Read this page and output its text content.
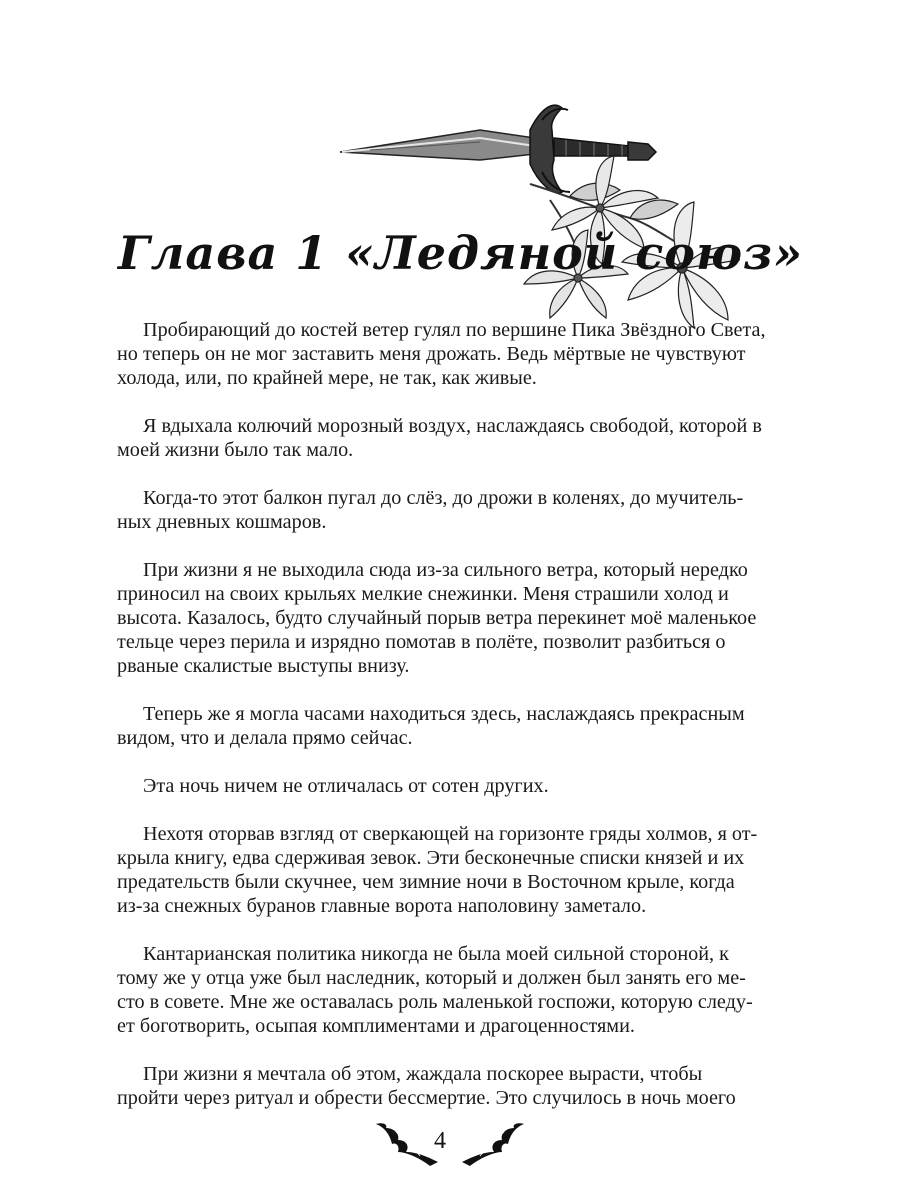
Глава 1 «Ледяной союз»

Пробирающий до костей ветер гулял по вершине Пика Звёздного Света,
но теперь он не мог заставить меня дрожать. Ведь мёртвые не чувствуют
холода, или, по крайней мере, не так, как живые.

Я вдыхала колючий морозный воздух, наслаждаясь свободой, которой в
моей жизни было так мало.

Когда-то этот балкон пугал до слёз, до дрожи в коленях, до мучитель-
ных дневных кошмаров.

При жизни я не выходила сюда из-за сильного ветра, который нередко
приносил на своих крыльях мелкие снежинки. Меня страшили холод и
высота. Казалось, будто случайный порыв ветра перекинет моё маленькое
тельце через перила и изрядно помотав в полёте, позволит разбиться о
рваные скалистые выступы внизу.

Теперь же я могла часами находиться здесь, наслаждаясь прекрасным
видом, что и делала прямо сейчас.

Эта ночь ничем не отличалась от сотен других.

Нехотя оторвав взгляд от сверкающей на горизонте гряды холмов, я от-
крыла книгу, едва сдерживая зевок. Эти бесконечные списки князей и их
предательств были скучнее, чем зимние ночи в Восточном крыле, когда
из-за снежных буранов главные ворота наполовину заметало.

Кантарианская политика никогда не была моей сильной стороной, к
тому же у отца уже был наследник, который и должен был занять его ме-
сто в совете. Мне же оставалась роль маленькой госпожи, которую следу-
ет боготворить, осыпая комплиментами и драгоценностями.

При жизни я мечтала об этом, жаждала поскорее вырасти, чтобы
пройти через ритуал и обрести бессмертие. Это случилось в ночь моего

4
